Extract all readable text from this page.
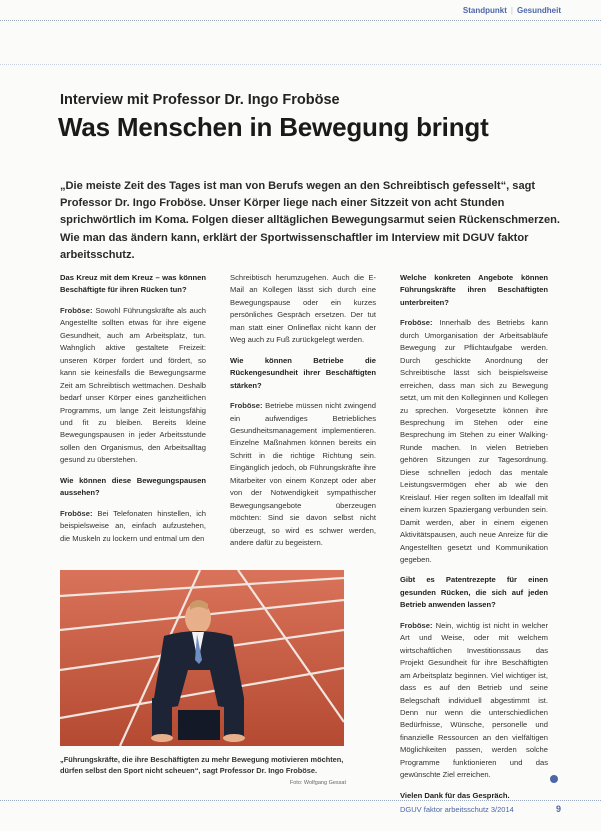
Standpunkt | Gesundheit
Interview mit Professor Dr. Ingo Froböse
Was Menschen in Bewegung bringt
„Die meiste Zeit des Tages ist man von Berufs wegen an den Schreibtisch gefesselt“, sagt Professor Dr. Ingo Froböse. Unser Körper liege nach einer Sitzzeit von acht Stunden sprichwörtlich im Koma. Folgen dieser alltäglichen Bewegungsarmut seien Rückenschmerzen. Wie man das ändern kann, erklärt der Sportwissenschaftler im Interview mit DGUV faktor arbeitsschutz.

Das Kreuz mit dem Kreuz – was können Beschäftigte für ihren Rücken tun?

Froböse: Sowohl Führungskräfte als auch Angestellte sollten etwas für ihre eigene Gesundheit, auch am Arbeitsplatz, tun. Wahnglich aktive gestaltete Freizeit: unseren Körper fordert und fördert, so kann sie keinesfalls die Bewegungsarme Zeit am Schreibtisch wettmachen. Deshalb bedarf unser Körper eines ganzheitlichen Programms, um lange Zeit leistungsfähig und fit zu bleiben. Bereits kleine Bewegungspausen in jeder Arbeitsstunde sollen den Organismus, den Arbeitsalltag gesund zu überstehen.

Wie können diese Bewegungspausen aussehen?

Froböse: Bei Telefonaten hinstellen, ich beispielsweise an, einfach aufzustehen, die Muskeln zu lockern und entmal um den

Schreibtisch herumzugehen. Auch die E-Mail an Kollegen lässt sich durch eine Bewegungspause oder ein kurzes persönliches Gespräch ersetzen. Der tut man statt einer Onlineflax nicht kann der Weg auch zu Fuß zurückgelegt werden.

Wie können Betriebe die Rückengesundheit ihrer Beschäftigten stärken?

Froböse: Betriebe müssen nicht zwingend ein aufwendiges Betriebliches Gesundheitsmanagement implementieren. Einzelne Maßnahmen können bereits ein Schritt in die richtige Richtung sein. Eingänglich jedoch, ob Führungskräfte ihre Mitarbeiter von einem Konzept oder aber von der Notwendigkeit sympathischer Bewegungsangebote überzeugen möchten: Sind sie davon selbst nicht überzeugt, so wird es schwer werden, andere dafür zu begeistern.

Welche konkreten Angebote können Führungskräfte ihren Beschäftigten unterbreiten?

Froböse: Innerhalb des Betriebs kann durch Umorganisation der Arbeitsabläufe Bewegung zur Pflichtaufgabe werden. Durch geschickte Anordnung der Schreibtische lässt sich beispielsweise erreichen, dass man sich zu Bewegung setzt, um mit den Kolleginnen und Kollegen zu sprechen. Vorgesetzte können ihre Besprechung im Stehen oder eine Besprechung im Stehen zu einer Walking-Runde machen. In vielen Betrieben gehören Sitzungen zur Tagesordnung. Diese schnellen jedoch das mentale Leistungsvermögen eher ab wie den Kreislauf. Hier regen sollten im Idealfall mit einem kurzen Spaziergang verbunden sein. Damit werden, aber in einem eigenen Aktivitätspausen, auch neue Anreize für die Angestellten gesetzt und Kommunikation gegeben.

Gibt es Patentrezepte für einen gesunden Rücken, die sich auf jeden Betrieb anwenden lassen?

Froböse: Nein, wichtig ist nicht in welcher Art und Weise, oder mit welchem wirtschaftlichen Investitionssaus das Projekt Gesundheit für ihre Beschäftigten am Arbeitsplatz beginnen. Viel wichtiger ist, dass es auf den Betrieb und seine Belegschaft individuell abgestimmt ist. Denn nur wenn die unterschiedlichen Bedürfnisse, Wünsche, personelle und finanzielle Ressourcen an den vielfältigen Möglichkeiten passen, werden solche Programme funktionieren und das gewünschte Ziel erreichen.

Vielen Dank für das Gespräch.

„Führungskräfte, die ihre Beschäftigten zu mehr Bewegung motivieren möchten, dürfen selbst den Sport nicht scheuen“, sagt Professor Dr. Ingo Froböse.
Foto: Wolfgang Gessat
DGUV faktor arbeitsschutz 3/2014	9
